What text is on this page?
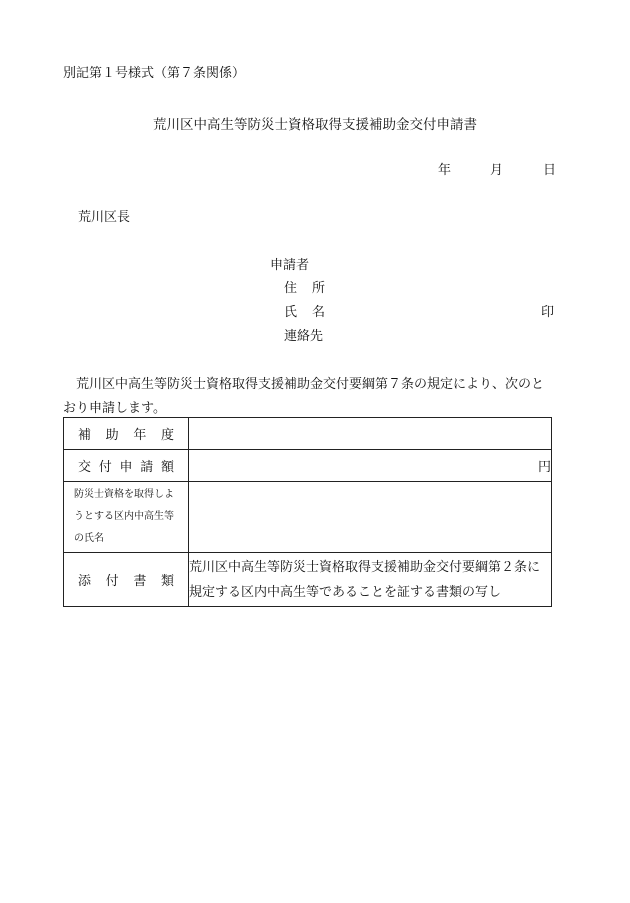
別記第１号様式（第７条関係）
荒川区中高生等防災士資格取得支援補助金交付申請書
年	月	日
荒川区長
申請者
住　 所
氏　 名	印
連絡先
荒川区中高生等防災士資格取得支援補助金交付要綱第７条の規定により、次のとおり申請します。
補 助 年 度	

交 付 申 請 額	円

防災士資格を取得しようとする区内中高生等の氏名	

添 付 書 類	荒川区中高生等防災士資格取得支援補助金交付要綱第２条に規定する区内中高生等であることを証する書類の写し
